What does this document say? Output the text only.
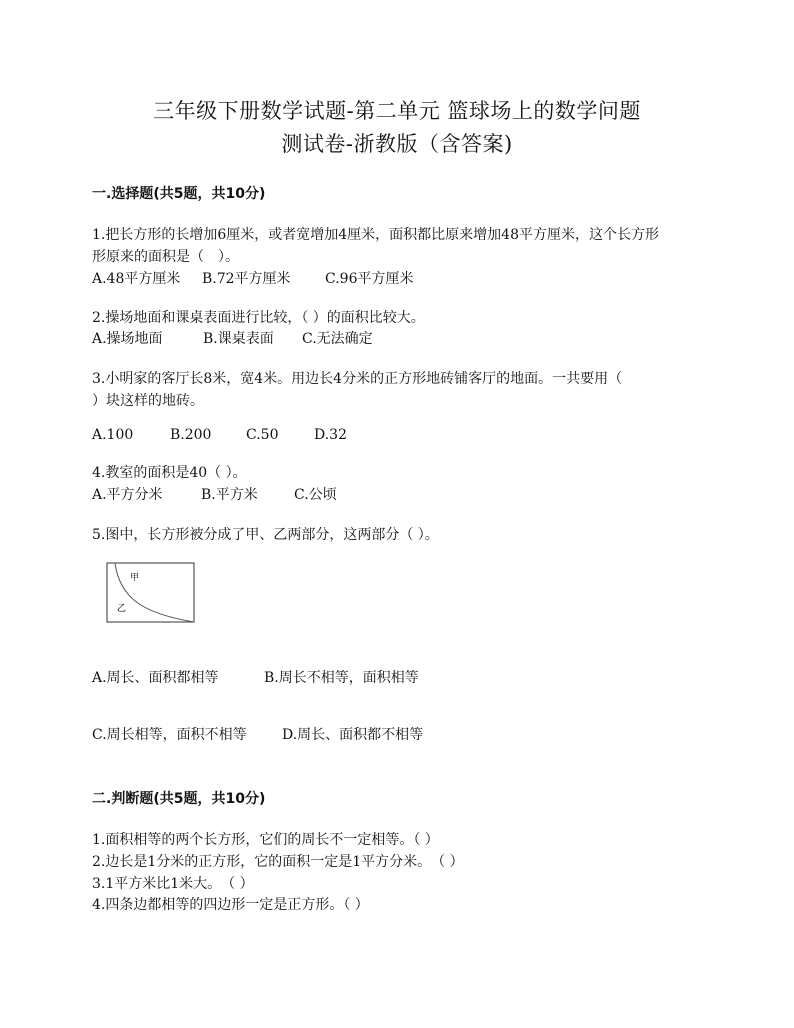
三年级下册数学试题-第二单元 篮球场上的数学问题
测试卷-浙教版（含答案)
一.选择题(共5题，共10分)
1.把长方形的长增加6厘米，或者宽增加4厘米，面积都比原来增加48平方厘米，这个长方形
形原来的面积是（　）。
A.48平方厘米 B.72平方厘米 C.96平方厘米
2.操场地面和课桌表面进行比较，（ ）的面积比较大。
A.操场地面	B.课桌表面 C.无法确定
3.小明家的客厅长8米，宽4米。用边长4分米的正方形地砖铺客厅的地面。一共要用（
）块这样的地砖。
A.100	B.200 C.50	D.32
4.教室的面积是40（ ）。
A.平方分米	B.平方米	C.公顷
5.图中，长方形被分成了甲、乙两部分，这两部分（ ）。
甲
乙
A.周长、面积都相等	B.周长不相等，面积相等
C.周长相等，面积不相等	D.周长、面积都不相等
二.判断题(共5题，共10分)
1.面积相等的两个长方形，它们的周长不一定相等。（ ）
2.边长是1分米的正方形，它的面积一定是1平方分米。　（ ）
3.1平方米比1米大。　（ ）
4.四条边都相等的四边形一定是正方形。（ ）
